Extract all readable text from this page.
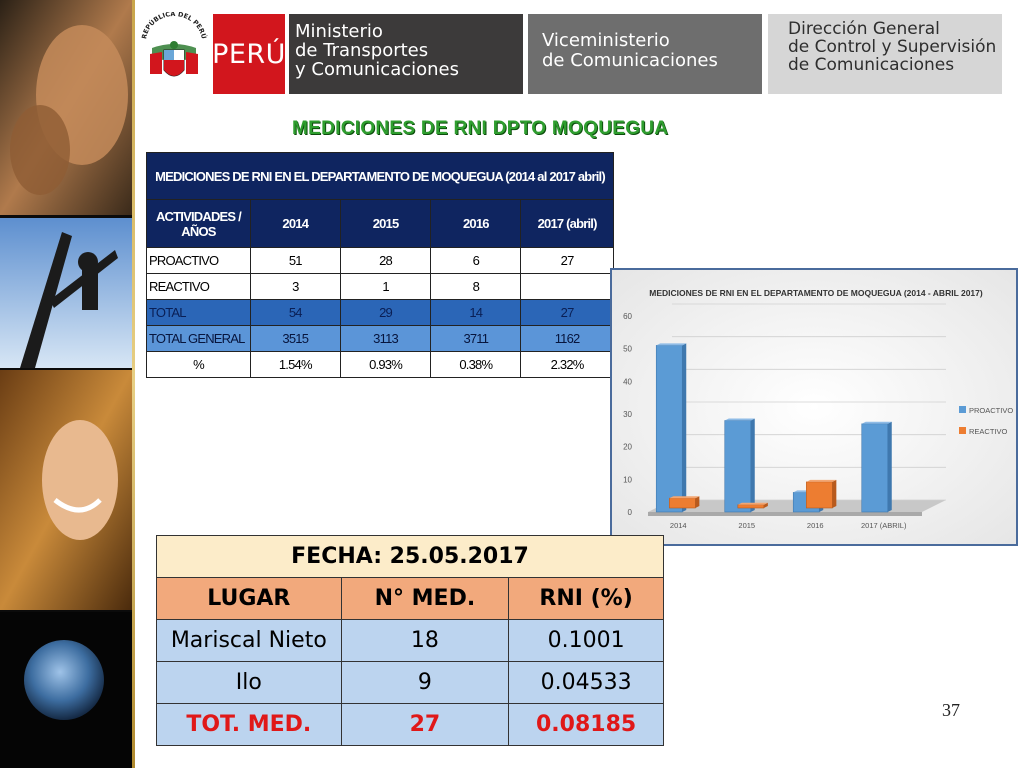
REPÚBLICA DEL PERÚ
PERÚ
Ministerio
de Transportes
y Comunicaciones
Viceministerio
de Comunicaciones
Dirección General
de Control y Supervisión
de Comunicaciones
MEDICIONES DE RNI DPTO MOQUEGUA
MEDICIONES DE RNI EN EL DEPARTAMENTO DE MOQUEGUA (2014 al 2017 abril)				
ACTIVIDADES / AÑOS	2014	2015	2016	2017 (abril)
PROACTIVO	51	28	6	27
REACTIVO	3	1	8	
TOTAL	54	29	14	27
TOTAL GENERAL	3515	3113	3711	1162
%	1.54%	0.93%	0.38%	2.32%
MEDICIONES DE RNI EN EL DEPARTAMENTO DE MOQUEGUA (2014 - ABRIL 2017)
0
10
20
30
40
50
60
2014	2015	2016	2017 (ABRIL)
PROACTIVO
REACTIVO
FECHA: 25.05.2017		
LUGAR	N° MED.	RNI (%)
Mariscal Nieto	18	0.1001
Ilo	9	0.04533
TOT. MED.	27	0.08185
37
